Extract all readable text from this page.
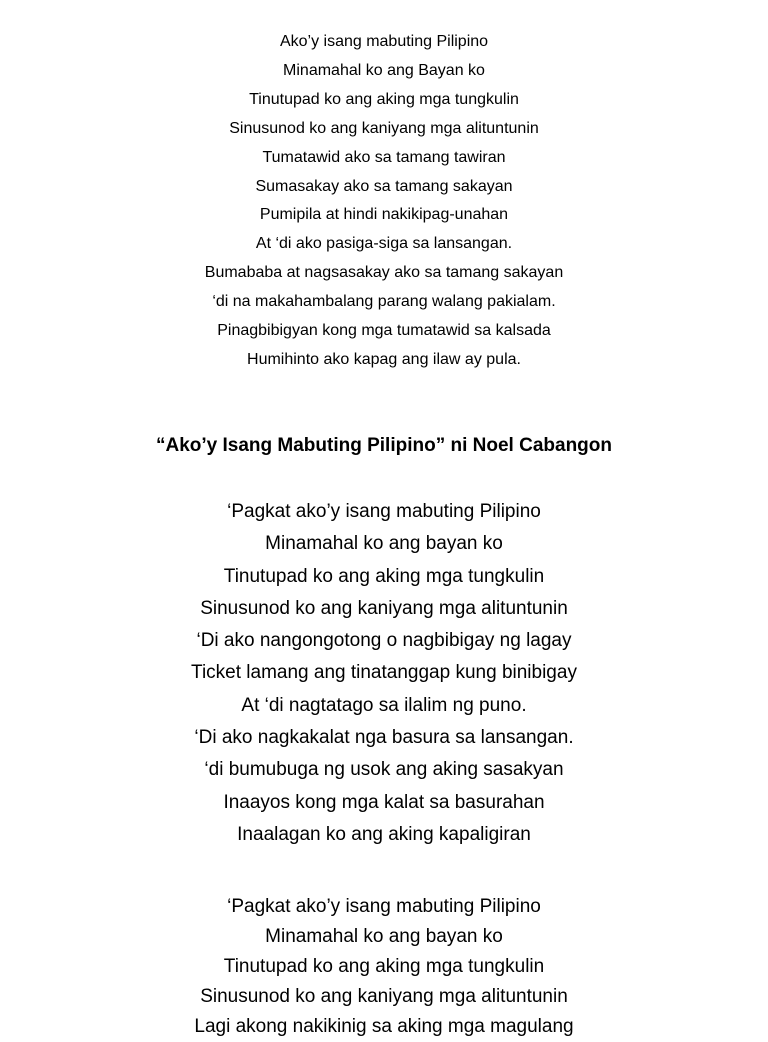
Ako’y isang mabuting Pilipino
Minamahal ko ang Bayan ko
Tinutupad ko ang aking mga tungkulin
Sinusunod ko ang kaniyang mga alituntunin
Tumatawid ako sa tamang tawiran
Sumasakay ako sa tamang sakayan
Pumipila at hindi nakikipag-unahan
At ‘di ako pasiga-siga sa lansangan.
Bumababa at nagsasakay ako sa tamang sakayan
‘di na makahambalang parang walang pakialam.
Pinagbibigyan kong mga tumatawid sa kalsada
Humihinto ako kapag ang ilaw ay pula.
“Ako’y Isang Mabuting Pilipino” ni Noel Cabangon
‘Pagkat ako’y isang mabuting Pilipino
Minamahal ko ang bayan ko
Tinutupad ko ang aking mga tungkulin
Sinusunod ko ang kaniyang mga alituntunin
‘Di ako nangongotong o nagbibigay ng lagay
Ticket lamang ang tinatanggap kung binibigay
At ‘di nagtatago sa ilalim ng puno.
‘Di ako nagkakalat nga basura sa lansangan.
‘di bumubuga ng usok ang aking sasakyan
Inaayos kong mga kalat sa basurahan
Inaalagan ko ang aking kapaligiran
‘Pagkat ako’y isang mabuting Pilipino
Minamahal ko ang bayan ko
Tinutupad ko ang aking mga tungkulin
Sinusunod ko ang kaniyang mga alituntunin
Lagi akong nakikinig sa aking mga magulang
